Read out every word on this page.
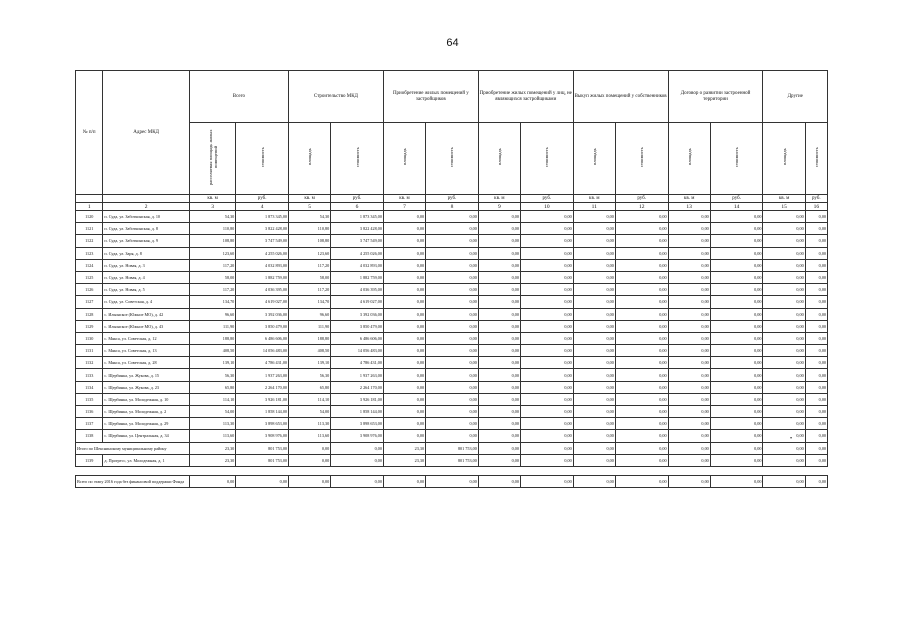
64
№ п/п	Адрес МКД	Всего		Строительство МКД		Приобретение жилых помещений у застройщиков		Приобретение жилых помещений у лиц, не являющихся застройщиками		Выкуп жилых помещений у собственников		Договор о развитии застроенной территории		Другие	
		расселяемая площадь жилых помещений	стоимость	площадь	стоимость	площадь	стоимость	площадь	стоимость	площадь	стоимость	площадь	стоимость	площадь	стоимость
		кв. м	руб.	кв. м	руб.	кв. м	руб.	кв. м	руб.	кв. м	руб.	кв. м	руб.	кв. м	руб.
1	2	3	4	5	6	7	8	9	10	11	12	13	14	15	16
1120	п. Суда, ул. Заботкинская, д. 10	54,30	1 873 345,00	54,30	1 873 345,00	0,00	0,00	0,00	0,00	0,00	0,00	0,00	0,00	0,00	0,00
1121	п. Суда, ул. Заботкинская, д. 8	110,80	3 822 428,00	110,80	3 822 428,00	0,00	0,00	0,00	0,00	0,00	0,00	0,00	0,00	0,00	0,00
1122	п. Суда, ул. Заботкинская, д. 9	108,80	3 747 549,00	108,80	3 747 549,00	0,00	0,00	0,00	0,00	0,00	0,00	0,00	0,00	0,00	0,00
1123	п. Суда, ул. Заря, д. 8	123,60	4 255 026,00	123,60	4 255 026,00	0,00	0,00	0,00	0,00	0,00	0,00	0,00	0,00	0,00	0,00
1124	п. Суда, ул. Новая, д. 3	117,20	4 032 893,00	117,20	4 032 893,00	0,00	0,00	0,00	0,00	0,00	0,00	0,00	0,00	0,00	0,00
1125	п. Суда, ул. Новая, д. 4	58,00	1 882 759,00	58,00	1 882 759,00	0,00	0,00	0,00	0,00	0,00	0,00	0,00	0,00	0,00	0,00
1126	п. Суда, ул. Новая, д. 5	117,20	4 036 395,00	117,20	4 036 395,00	0,00	0,00	0,00	0,00	0,00	0,00	0,00	0,00	0,00	0,00
1127	п. Суда, ул. Советская, д. 4	134,70	4 619 027,00	134,70	4 619 027,00	0,00	0,00	0,00	0,00	0,00	0,00	0,00	0,00	0,00	0,00
1128	с. Ильинское (Южное МО), д. 42	96,60	3 392 036,00	96,60	3 392 036,00	0,00	0,00	0,00	0,00	0,00	0,00	0,00	0,00	0,00	0,00
1129	с. Ильинское (Южное МО), д. 43	111,90	3 850 479,00	111,90	3 850 479,00	0,00	0,00	0,00	0,00	0,00	0,00	0,00	0,00	0,00	0,00
1130	с. Мякса, ул. Советская, д. 12	188,80	6 486 606,00	188,80	6 486 606,00	0,00	0,00	0,00	0,00	0,00	0,00	0,00	0,00	0,00	0,00
1131	с. Мякса, ул. Советская, д. 13	408,50	14 056 483,00	408,50	14 056 483,00	0,00	0,00	0,00	0,00	0,00	0,00	0,00	0,00	0,00	0,00
1132	с. Мякса, ул. Советская, д. 28	139,10	4 786 431,00	139,10	4 786 431,00	0,00	0,00	0,00	0,00	0,00	0,00	0,00	0,00	0,00	0,00
1133	с. Щербинка, ул. Жукова, д. 15	56,30	1 937 263,00	56,30	1 937 263,00	0,00	0,00	0,00	0,00	0,00	0,00	0,00	0,00	0,00	0,00
1134	с. Щербинка, ул. Жукова, д. 23	65,80	2 264 170,00	65,80	2 264 170,00	0,00	0,00	0,00	0,00	0,00	0,00	0,00	0,00	0,00	0,00
1135	с. Щербинка, ул. Молодежная, д. 10	114,10	3 926 181,00	114,10	3 926 181,00	0,00	0,00	0,00	0,00	0,00	0,00	0,00	0,00	0,00	0,00
1136	с. Щербинка, ул. Молодежная, д. 2	54,00	1 858 144,00	54,00	1 858 144,00	0,00	0,00	0,00	0,00	0,00	0,00	0,00	0,00	0,00	0,00
1137	с. Щербинка, ул. Молодежная, д. 29	113,30	3 898 653,00	113,30	3 898 653,00	0,00	0,00	0,00	0,00	0,00	0,00	0,00	0,00	0,00	0,00
1138	с. Щербинка, ул. Центральная, д. 34	113,60	3 908 976,00	113,60	3 908 976,00	0,00	0,00	0,00	0,00	0,00	0,00	0,00	0,00	0,00	0,00
Итого по Шекснинскому муниципальному району		23,30	801 753,00	0,00	0,00	23,30	801 753,00	0,00	0,00	0,00	0,00	0,00	0,00	0,00	0,00
1139	д. Прогресс, ул. Молодежная, д. 1	23,30	801 753,00	0,00	0,00	23,30	801 753,00	0,00	0,00	0,00	0,00	0,00	0,00	0,00	0,00

Всего по этапу 2016 года без финансовой поддержки Фонда		0,00	0,00	0,00	0,00	0,00	0,00	0,00	0,00	0,00	0,00	0,00	0,00	0,00	0,00
•
